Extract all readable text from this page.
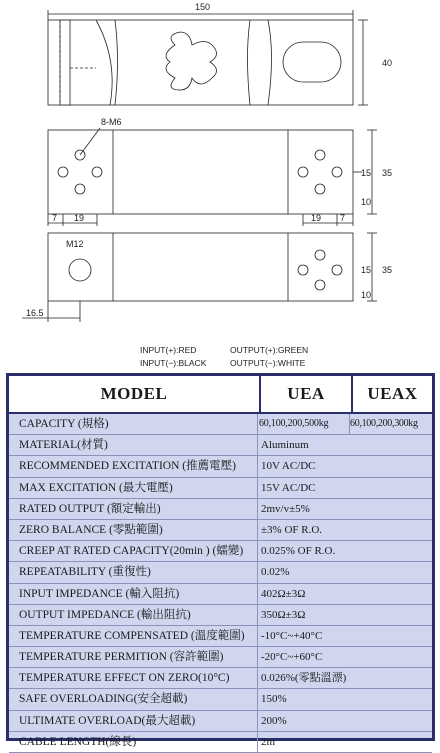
150
40
8-M6
35
15
10
7 19	19 7
M12
35
15
10
16.5
INPUT(+):RED	OUTPUT(+):GREEN
INPUT(−):BLACK	OUTPUT(−):WHITE
MODEL	UEA	UEAX
CAPACITY (規格)	60,100,200,500kg	60,100,200,300kg
MATERIAL(材質)	Aluminum
RECOMMENDED EXCITATION (推薦電壓) 10V AC/DC
MAX EXCITATION (最大電壓)	15V AC/DC
RATED OUTPUT (額定輸出)	2mv/v±5%
ZERO BALANCE (零點範圍)	±3% OF R.O.
CREEP AT RATED CAPACITY(20min ) (蠕變) 0.025% OF R.O.
REPEATABILITY (重復性)	0.02%
INPUT IMPEDANCE (輸入阻抗)	402Ω±3Ω
OUTPUT IMPEDANCE (輸出阻抗)	350Ω±3Ω
TEMPERATURE COMPENSATED (溫度範圍) -10°C~+40°C
TEMPERATURE PERMITION (容許範圍)	-20°C~+60°C
TEMPERATURE EFFECT ON ZERO(10°C)	0.026%(零點溫漂)
SAFE OVERLOADING(安全超載)	150%
ULTIMATE OVERLOAD(最大超載)	200%
CABLE LENGTH(線長)	2m
